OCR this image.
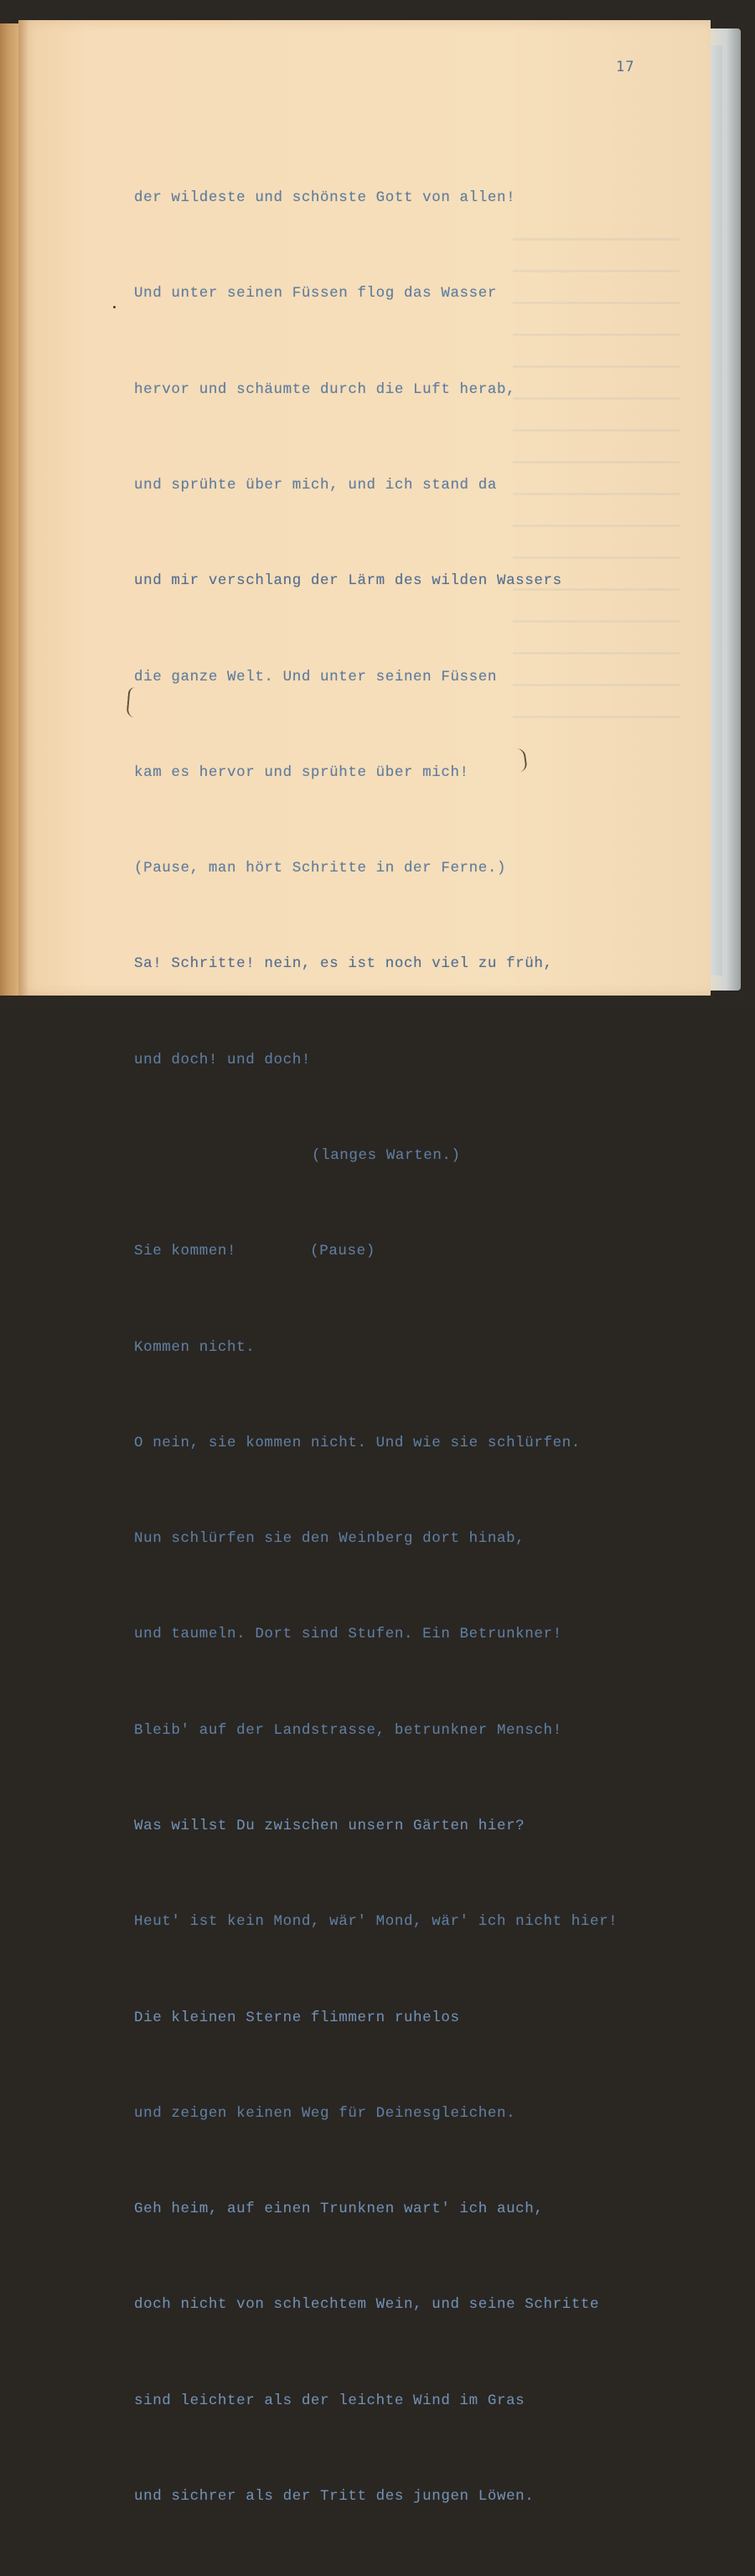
17

der wildeste und schönste Gott von allen!

Und unter seinen Füssen flog das Wasser

hervor und schäumte durch die Luft herab,

und sprühte über mich, und ich stand da

und mir verschlang der Lärm des wilden Wassers

die ganze Welt. Und unter seinen Füssen

kam es hervor und sprühte über mich!

(Pause, man hört Schritte in der Ferne.)

Sa! Schritte! nein, es ist noch viel zu früh,

und doch! und doch!

(langes Warten.)

Sie kommen!	(Pause)

Kommen nicht.

O nein, sie kommen nicht. Und wie sie schlürfen.

Nun schlürfen sie den Weinberg dort hinab,

und taumeln. Dort sind Stufen. Ein Betrunkner!

Bleib' auf der Landstrasse, betrunkner Mensch!

Was willst Du zwischen unsern Gärten hier?

Heut' ist kein Mond, wär' Mond, wär' ich nicht hier!

Die kleinen Sterne flimmern ruhelos

und zeigen keinen Weg für Deinesgleichen.

Geh heim, auf einen Trunknen wart' ich auch,

doch nicht von schlechtem Wein, und seine Schritte

sind leichter als der leichte Wind im Gras

und sichrer als der Tritt des jungen Löwen.
